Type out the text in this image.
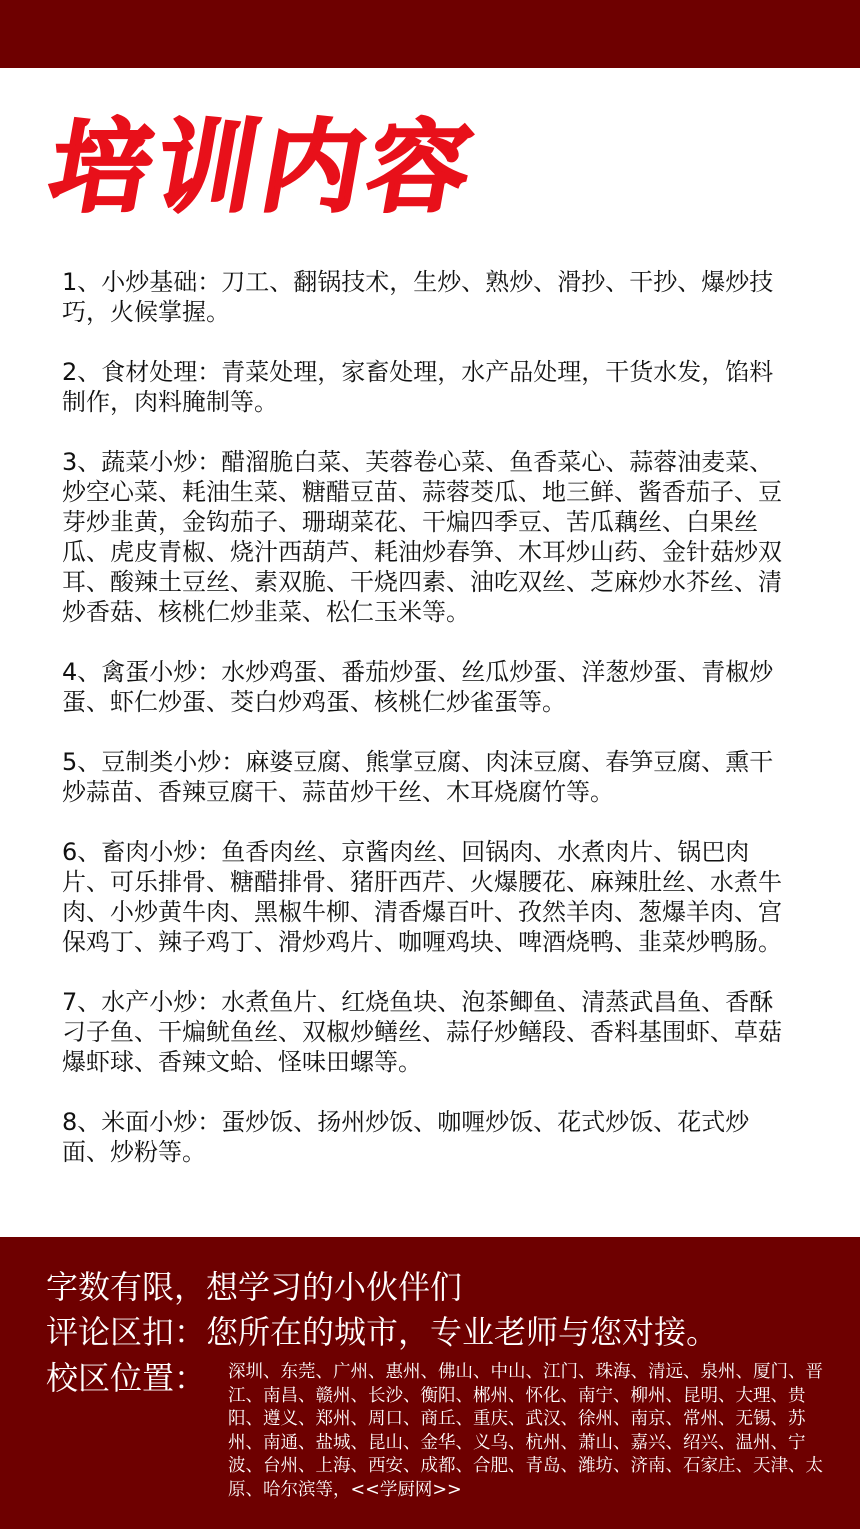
培训内容
1、小炒基础：刀工、翻锅技术，生炒、熟炒、滑抄、干抄、爆炒技巧，火候掌握。
2、食材处理：青菜处理，家畜处理，水产品处理，干货水发，馅料制作，肉料腌制等。
3、蔬菜小炒：醋溜脆白菜、芙蓉卷心菜、鱼香菜心、蒜蓉油麦菜、炒空心菜、耗油生菜、糖醋豆苗、蒜蓉茭瓜、地三鲜、酱香茄子、豆芽炒韭黄，金钩茄子、珊瑚菜花、干煸四季豆、苦瓜藕丝、白果丝瓜、虎皮青椒、烧汁西葫芦、耗油炒春笋、木耳炒山药、金针菇炒双耳、酸辣土豆丝、素双脆、干烧四素、油吃双丝、芝麻炒水芥丝、清炒香菇、核桃仁炒韭菜、松仁玉米等。
4、禽蛋小炒：水炒鸡蛋、番茄炒蛋、丝瓜炒蛋、洋葱炒蛋、青椒炒蛋、虾仁炒蛋、茭白炒鸡蛋、核桃仁炒雀蛋等。
5、豆制类小炒：麻婆豆腐、熊掌豆腐、肉沫豆腐、春笋豆腐、熏干炒蒜苗、香辣豆腐干、蒜苗炒干丝、木耳烧腐竹等。
6、畜肉小炒：鱼香肉丝、京酱肉丝、回锅肉、水煮肉片、锅巴肉片、可乐排骨、糖醋排骨、猪肝西芹、火爆腰花、麻辣肚丝、水煮牛肉、小炒黄牛肉、黑椒牛柳、清香爆百叶、孜然羊肉、葱爆羊肉、宫保鸡丁、辣子鸡丁、滑炒鸡片、咖喱鸡块、啤酒烧鸭、韭菜炒鸭肠。
7、水产小炒：水煮鱼片、红烧鱼块、泡茶鲫鱼、清蒸武昌鱼、香酥刁子鱼、干煸鱿鱼丝、双椒炒鳝丝、蒜仔炒鳝段、香料基围虾、草菇爆虾球、香辣文蛤、怪味田螺等。
8、米面小炒：蛋炒饭、扬州炒饭、咖喱炒饭、花式炒饭、花式炒面、炒粉等。
字数有限，想学习的小伙伴们
评论区扣：您所在的城市，专业老师与您对接。
校区位置： 深圳、东莞、广州、惠州、佛山、中山、江门、珠海、清远、泉州、厦门、晋江、南昌、赣州、长沙、衡阳、郴州、怀化、南宁、柳州、昆明、大理、贵阳、遵义、郑州、周口、商丘、重庆、武汉、徐州、南京、常州、无锡、苏州、南通、盐城、昆山、金华、义乌、杭州、萧山、嘉兴、绍兴、温州、宁波、台州、上海、西安、成都、合肥、青岛、潍坊、济南、石家庄、天津、太原、哈尔滨等，<<学厨网>>
